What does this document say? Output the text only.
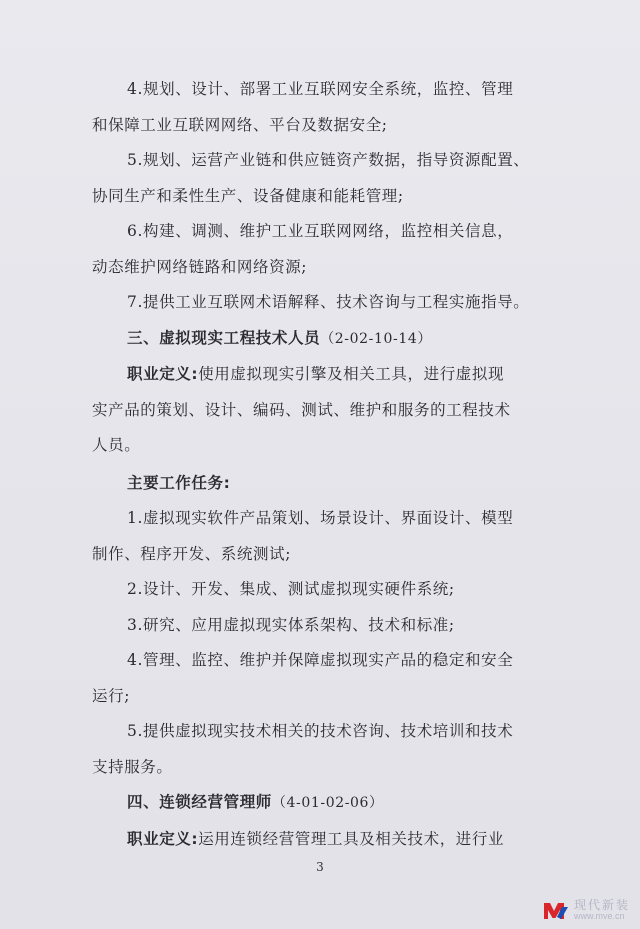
4.规划、设计、部署工业互联网安全系统，监控、管理

和保障工业互联网网络、平台及数据安全;

5.规划、运营产业链和供应链资产数据，指导资源配置、

协同生产和柔性生产、设备健康和能耗管理;

6.构建、调测、维护工业互联网网络，监控相关信息，

动态维护网络链路和网络资源;

7.提供工业互联网术语解释、技术咨询与工程实施指导。

三、虚拟现实工程技术人员（2-02-10-14）

职业定义:使用虚拟现实引擎及相关工具，进行虚拟现

实产品的策划、设计、编码、测试、维护和服务的工程技术

人员。

主要工作任务:

1.虚拟现实软件产品策划、场景设计、界面设计、模型

制作、程序开发、系统测试;

2.设计、开发、集成、测试虚拟现实硬件系统;

3.研究、应用虚拟现实体系架构、技术和标准;

4.管理、监控、维护并保障虚拟现实产品的稳定和安全

运行;

5.提供虚拟现实技术相关的技术咨询、技术培训和技术

支持服务。

四、连锁经营管理师（4-01-02-06）

职业定义:运用连锁经营管理工具及相关技术，进行业

3
现代新装
www.mve.cn
